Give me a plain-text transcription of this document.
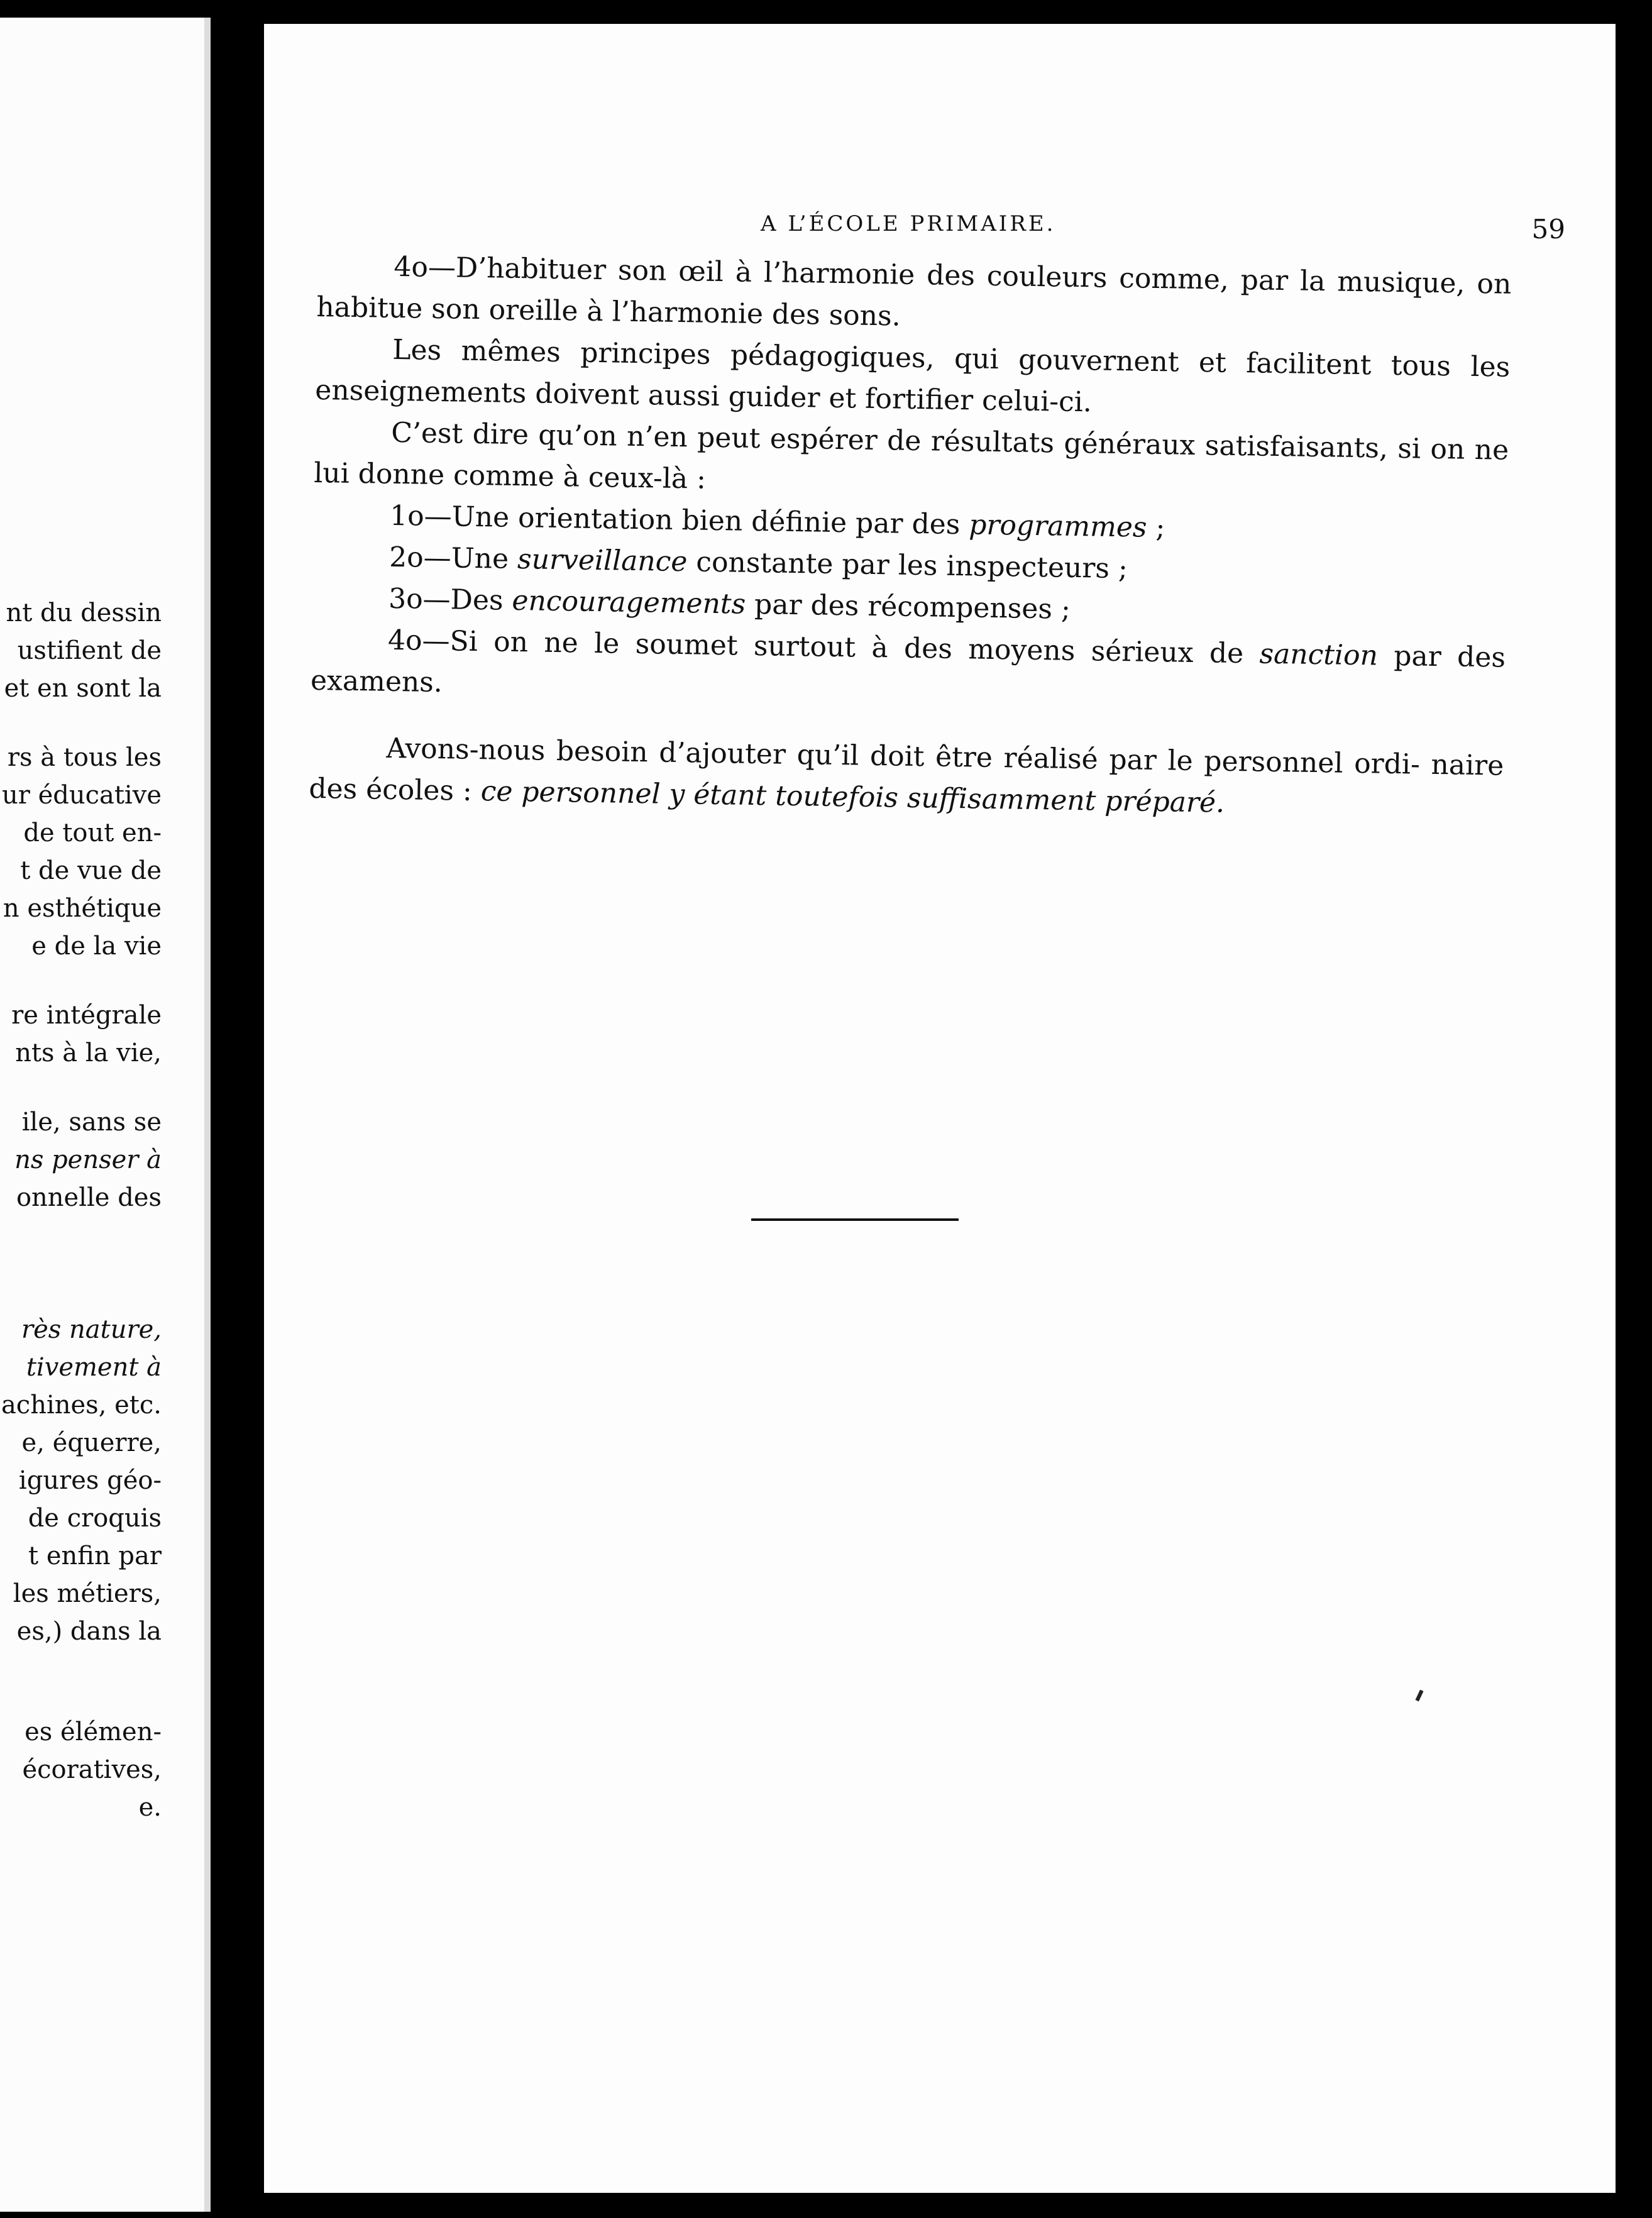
nt du dessin
ustifient de
et en sont la
rs à tous les
ur éducative
de tout en-
t de vue de
n esthétique
e de la vie
re intégrale
nts à la vie,
ile, sans se
ns penser à
onnelle des
rès nature,
tivement à
achines, etc.
e, équerre,
igures géo-
de croquis
t enfin par
les métiers,
es,) dans la
es élémen-
écoratives,
e.
A L’ÉCOLE PRIMAIRE.	59

4o—D’habituer son œil à l’harmonie des couleurs comme, par la musique, on habitue son oreille à l’harmonie des sons.

Les mêmes principes pédagogiques, qui gouvernent et facilitent tous les enseignements doivent aussi guider et fortifier celui-ci.

C’est dire qu’on n’en peut espérer de résultats généraux satisfaisants, si on ne lui donne comme à ceux-là :

1o—Une orientation bien définie par des programmes ;

2o—Une surveillance constante par les inspecteurs ;

3o—Des encouragements par des récompenses ;

4o—Si on ne le soumet surtout à des moyens sérieux de sanction par des examens.

Avons-nous besoin d’ajouter qu’il doit être réalisé par le personnel ordi- naire des écoles : ce personnel y étant toutefois suffisamment préparé.
